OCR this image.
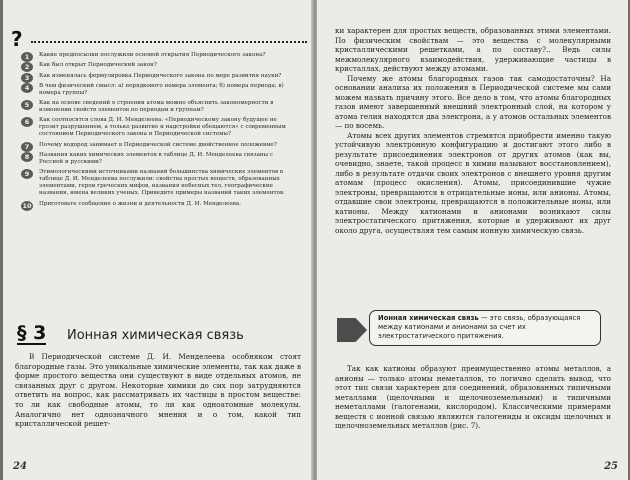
?
1	Какие предпосылки послужили основой открытия Периодического закона?
2	Как был открыт Периодический закон?
3	Как изменялась формулировка Периодического закона по мере развития науки?
4	В чем физический смысл: а) порядкового номера элемента; б) номера периода; в) номера группы?
5	Как на основе сведений о строении атома можно объяснить закономерности в изменении свойств элементов по периодам и группам?
6	Как соотносятся слова Д. И. Менделеева: «Периодическому закону будущее не грозит разрушением, а только развитие и надстройки обещаются» с современным состоянием Периодического закона и Периодической системы?
7	Почему водород занимает в Периодической системе двойственное положение?
8	Названия каких химических элементов в таблице Д. И. Менделеева связаны с Россией и русскими?
9	Этимологическими источниками названий большинства химических элементов в таблице Д. И. Менделеева послужили: свойства простых веществ, образованных элементами, герои греческих мифов, названия небесных тел, географические названия, имена великих ученых. Приведите примеры названий таких элементов.
10 Приготовьте сообщение о жизни и деятельности Д. И. Менделеева.
§ 3 Ионная химическая связь
В Периодической системе Д. И. Менделеева особняком стоят благородные газы. Это уникальные химические элементы, так как даже в форме простого вещества они существуют в виде отдельных атомов, не связанных друг с другом. Некоторые химики до сих пор затрудняются ответить на вопрос, как рассматривать их частицы в простом веществе: то ли как свободные атомы, то ли как одноатомные молекулы. Аналогично нет однозначного мнения и о том, какой тип кристаллической решет-
24

ки характерен для простых веществ, образованных этими элементами. По физическим свойствам — это вещества с молекулярными кристаллическими решетками, а по составу?.. Ведь силы межмолекулярного взаимодействия, удерживающие частицы в кристаллах, действуют между атомами.

Почему же атомы благородных газов так самодостаточны? На основании анализа их положения в Периодической системе мы сами можем назвать причину этого. Все дело в том, что атомы благородных газов имеют завершенный внешний электронный слой, на котором у атома гелия находятся два электрона, а у атомов остальных элементов — по восемь.

Атомы всех других элементов стремятся приобрести именно такую устойчивую электронную конфигурацию и достигают этого либо в результате присоединения электронов от других атомов (как вы, очевидно, знаете, такой процесс в химии называют восстановлением), либо в результате отдачи своих электронов с внешнего уровня другим атомам (процесс окисления). Атомы, присоединившие чужие электроны, превращаются в отрицательные ионы, или анионы. Атомы, отдавшие свои электроны, превращаются в положительные ионы, или катионы. Между катионами и анионами возникают силы электростатического притяжения, которые и удерживают их друг около друга, осуществляя тем самым ионную химическую связь.

Ионная химическая связь — это связь, образующаяся между катионами и анионами за счет их электростатического притяжения.

Так как катионы образуют преимущественно атомы металлов, а анионы — только атомы неметаллов, то логично сделать вывод, что этот тип связи характерен для соединений, образованных типичными металлами (щелочными и щелочноземельными) и типичными неметаллами (галогенами, кислородом). Классическими примерами веществ с ионной связью являются галогениды и оксиды щелочных и щелочноземельных металлов (рис. 7).

25
